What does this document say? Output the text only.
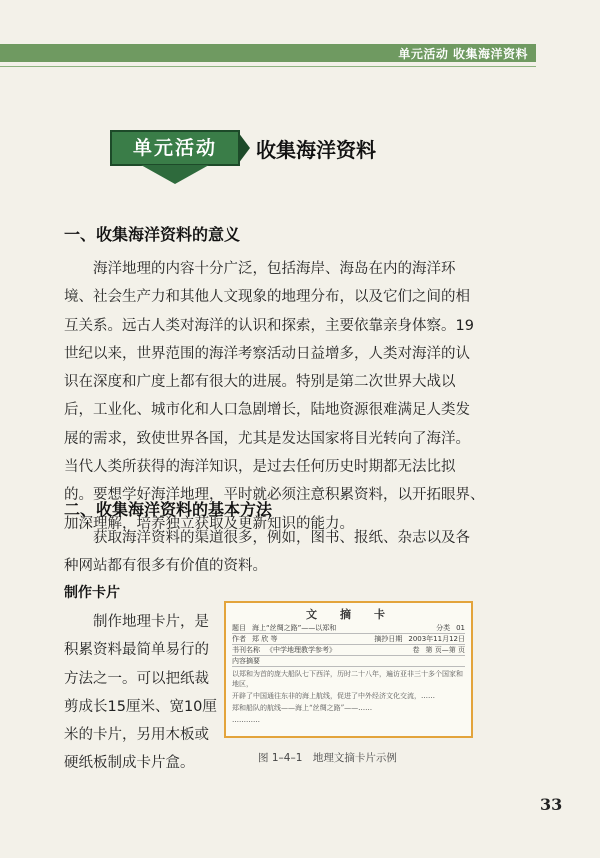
单元活动 收集海洋资料
单元活动	收集海洋资料
一、收集海洋资料的意义
海洋地理的内容十分广泛，包括海岸、海岛在内的海洋环
境、社会生产力和其他人文现象的地理分布，以及它们之间的相
互关系。远古人类对海洋的认识和探索，主要依靠亲身体察。19
世纪以来，世界范围的海洋考察活动日益增多，人类对海洋的认
识在深度和广度上都有很大的进展。特别是第二次世界大战以
后，工业化、城市化和人口急剧增长，陆地资源很难满足人类发
展的需求，致使世界各国，尤其是发达国家将目光转向了海洋。
当代人类所获得的海洋知识，是过去任何历史时期都无法比拟
的。要想学好海洋地理，平时就必须注意积累资料，以开拓眼界、
加深理解，培养独立获取及更新知识的能力。
二、收集海洋资料的基本方法
获取海洋资料的渠道很多，例如，图书、报纸、杂志以及各
种网站都有很多有价值的资料。
制作卡片
制作地理卡片，是
积累资料最简单易行的
方法之一。可以把纸裁
剪成长15厘米、宽10厘
米的卡片，另用木板或
硬纸板制成卡片盒。
文　摘　卡
题目 海上“丝绸之路”——以郑和	分类 01
作者 郑 欣 等	摘抄日期 2003年11月12日
书刊名称 《中学地理教学参考》	卷 第 页—第 页
内容摘要
以郑和为首的庞大船队七下西洋，历时二十八年，遍访亚非三十多个国家和地区，
开辟了中国通往东非的海上航线，促进了中外经济文化交流，……
郑和船队的航线——海上“丝绸之路”——……
…………
图 1–4–1　地理文摘卡片示例
33
